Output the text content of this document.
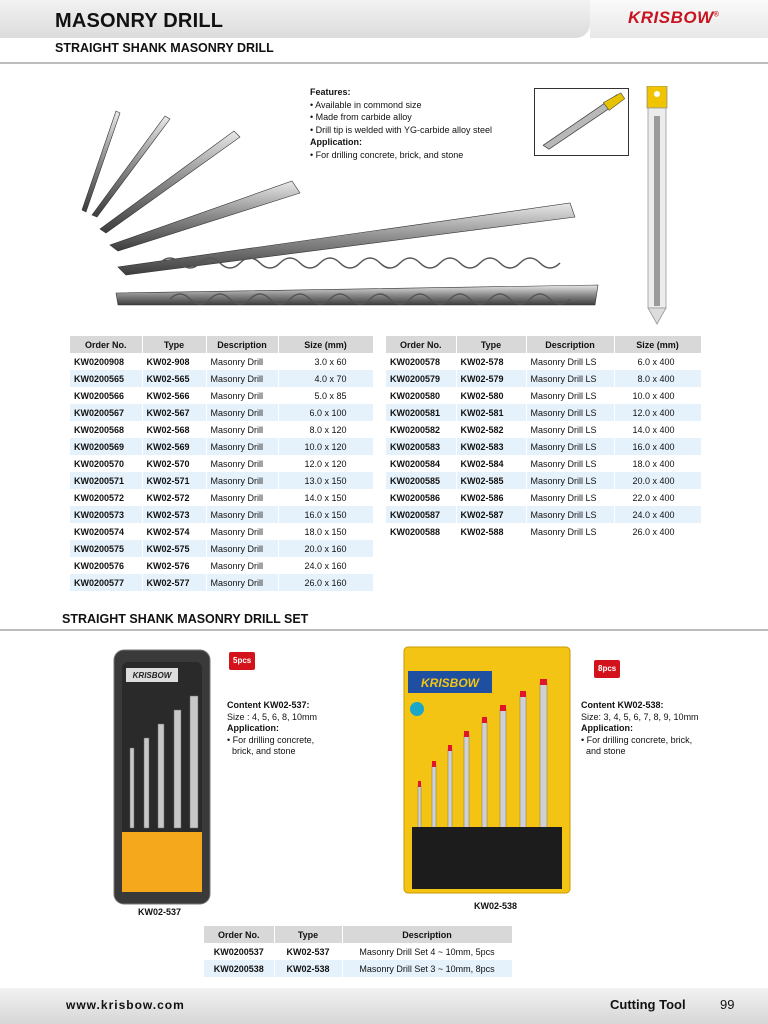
MASONRY DRILL
STRAIGHT SHANK MASONRY DRILL
KRISBOW®
Features:
• Available in commond size
• Made from carbide alloy
• Drill tip is welded with YG-carbide alloy steel
Application:
• For drilling concrete, brick, and stone
Order No.	Type	Description	Size (mm)
KW0200908	KW02-908	Masonry Drill	3.0 x 60
KW0200565	KW02-565	Masonry Drill	4.0 x 70
KW0200566	KW02-566	Masonry Drill	5.0 x 85
KW0200567	KW02-567	Masonry Drill	6.0 x 100
KW0200568	KW02-568	Masonry Drill	8.0 x 120
KW0200569	KW02-569	Masonry Drill	10.0 x 120
KW0200570	KW02-570	Masonry Drill	12.0 x 120
KW0200571	KW02-571	Masonry Drill	13.0 x 150
KW0200572	KW02-572	Masonry Drill	14.0 x 150
KW0200573	KW02-573	Masonry Drill	16.0 x 150
KW0200574	KW02-574	Masonry Drill	18.0 x 150
KW0200575	KW02-575	Masonry Drill	20.0 x 160
KW0200576	KW02-576	Masonry Drill	24.0 x 160
KW0200577	KW02-577	Masonry Drill	26.0 x 160
Order No.	Type	Description	Size (mm)
KW0200578	KW02-578	Masonry Drill LS	6.0 x 400
KW0200579	KW02-579	Masonry Drill LS	8.0 x 400
KW0200580	KW02-580	Masonry Drill LS	10.0 x 400
KW0200581	KW02-581	Masonry Drill LS	12.0 x 400
KW0200582	KW02-582	Masonry Drill LS	14.0 x 400
KW0200583	KW02-583	Masonry Drill LS	16.0 x 400
KW0200584	KW02-584	Masonry Drill LS	18.0 x 400
KW0200585	KW02-585	Masonry Drill LS	20.0 x 400
KW0200586	KW02-586	Masonry Drill LS	22.0 x 400
KW0200587	KW02-587	Masonry Drill LS	24.0 x 400
KW0200588	KW02-588	Masonry Drill LS	26.0 x 400
STRAIGHT SHANK MASONRY DRILL SET
KRISBOW
5pcs
Content KW02-537:
Size : 4, 5, 6, 8, 10mm
Application:
• For drilling concrete,
brick, and stone
KW02-537
KRISBOW
8pcs
Content KW02-538:
Size: 3, 4, 5, 6, 7, 8, 9, 10mm
Application:
• For drilling concrete, brick,
and stone
KW02-538
Order No.	Type	Description
KW0200537	KW02-537	Masonry Drill Set 4 ~ 10mm, 5pcs
KW0200538	KW02-538	Masonry Drill Set 3 ~ 10mm, 8pcs
www.krisbow.com	Cutting Tool	99
